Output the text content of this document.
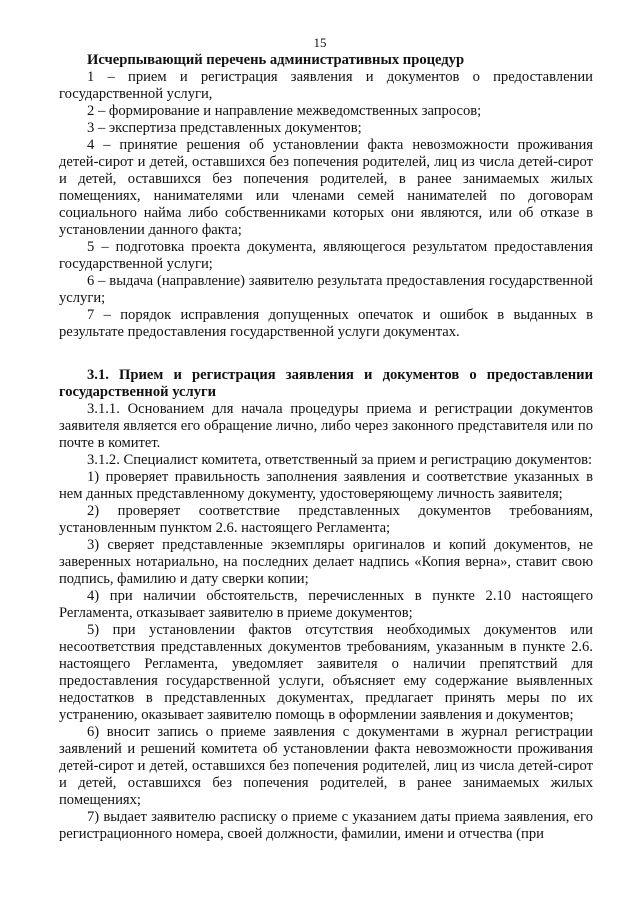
15

Исчерпывающий перечень административных процедур

1 – прием и регистрация заявления и документов о предоставлении государственной услуги,

2 – формирование и направление межведомственных запросов;

3 – экспертиза представленных документов;

4 – принятие решения об установлении факта невозможности проживания детей-сирот и детей, оставшихся без попечения родителей, лиц из числа детей-сирот и детей, оставшихся без попечения родителей, в ранее занимаемых жилых помещениях, нанимателями или членами семей нанимателей по договорам социального найма либо собственниками которых они являются, или об отказе в установлении данного факта;

5 – подготовка проекта документа, являющегося результатом предоставления государственной услуги;

6 – выдача (направление) заявителю результата предоставления государственной услуги;

7 – порядок исправления допущенных опечаток и ошибок в выданных в результате предоставления государственной услуги документах.

3.1. Прием и регистрация заявления и документов о предоставлении государственной услуги

3.1.1. Основанием для начала процедуры приема и регистрации документов заявителя является его обращение лично, либо через законного представителя или по почте в комитет.

3.1.2. Специалист комитета, ответственный за прием и регистрацию документов:

1) проверяет правильность заполнения заявления и соответствие указанных в нем данных представленному документу, удостоверяющему личность заявителя;

2) проверяет соответствие представленных документов требованиям, установленным пунктом 2.6. настоящего Регламента;

3) сверяет представленные экземпляры оригиналов и копий документов, не заверенных нотариально, на последних делает надпись «Копия верна», ставит свою подпись, фамилию и дату сверки копии;

4) при наличии обстоятельств, перечисленных в пункте 2.10 настоящего Регламента, отказывает заявителю в приеме документов;

5) при установлении фактов отсутствия необходимых документов или несоответствия представленных документов требованиям, указанным в пункте 2.6. настоящего Регламента, уведомляет заявителя о наличии препятствий для предоставления государственной услуги, объясняет ему содержание выявленных недостатков в представленных документах, предлагает принять меры по их устранению, оказывает заявителю помощь в оформлении заявления и документов;

6) вносит запись о приеме заявления с документами в журнал регистрации заявлений и решений комитета об установлении факта невозможности проживания детей-сирот и детей, оставшихся без попечения родителей, лиц из числа детей-сирот и детей, оставшихся без попечения родителей, в ранее занимаемых жилых помещениях;

7) выдает заявителю расписку о приеме с указанием даты приема заявления, его регистрационного номера, своей должности, фамилии, имени и отчества (при
